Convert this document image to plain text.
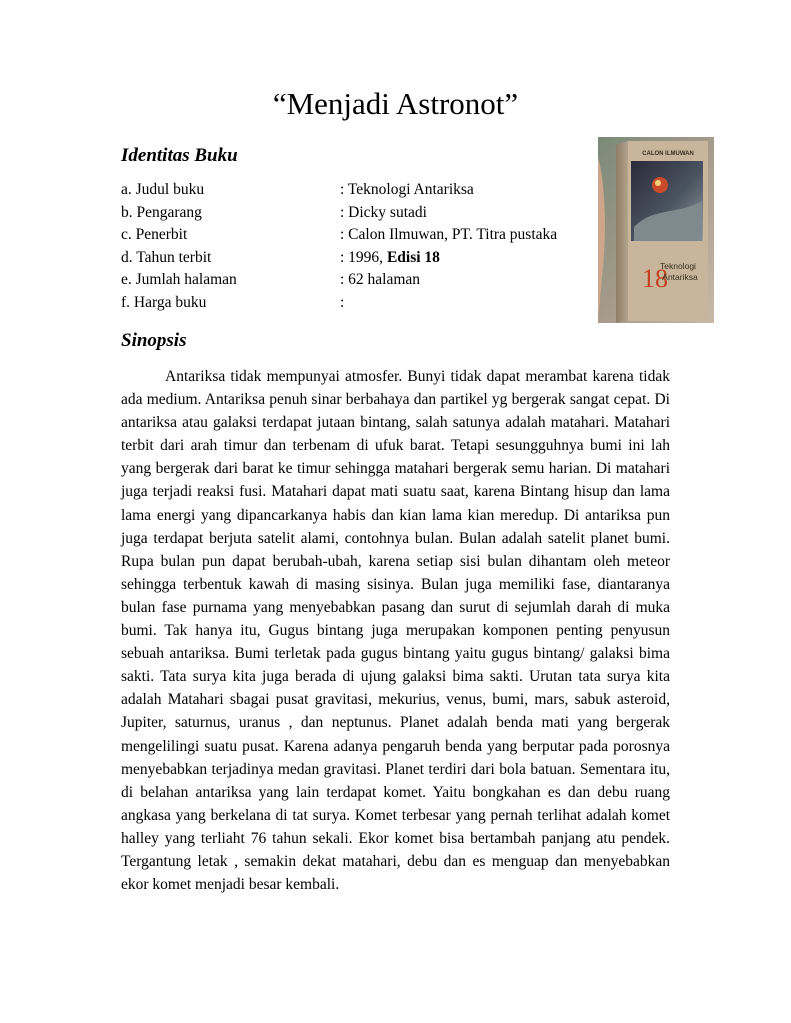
“Menjadi Astronot”
Identitas Buku
a. Judul buku	: Teknologi Antariksa
b. Pengarang	: Dicky sutadi
c. Penerbit	: Calon Ilmuwan, PT. Titra pustaka
d. Tahun terbit	: 1996, Edisi 18
e. Jumlah halaman	: 62 halaman
f. Harga buku	:
CALON ILMUWAN
18
Teknologi
Antariksa
Sinopsis

Antariksa tidak mempunyai atmosfer. Bunyi tidak dapat merambat karena tidak ada medium. Antariksa penuh sinar berbahaya dan partikel yg bergerak sangat cepat. Di antariksa atau galaksi terdapat jutaan bintang, salah satunya adalah matahari. Matahari terbit dari arah timur dan terbenam di ufuk barat. Tetapi sesungguhnya bumi ini lah yang bergerak dari barat ke timur sehingga matahari bergerak semu harian. Di matahari juga terjadi reaksi fusi. Matahari dapat mati suatu saat, karena Bintang hisup dan lama lama energi yang dipancarkanya habis dan kian lama kian meredup. Di antariksa pun juga terdapat berjuta satelit alami, contohnya bulan. Bulan adalah satelit planet bumi. Rupa bulan pun dapat berubah-ubah, karena setiap sisi bulan dihantam oleh meteor sehingga terbentuk kawah di masing sisinya. Bulan juga memiliki fase, diantaranya bulan fase purnama yang menyebabkan pasang dan surut di sejumlah darah di muka bumi. Tak hanya itu, Gugus bintang juga merupakan komponen penting penyusun sebuah antariksa. Bumi terletak pada gugus bintang yaitu gugus bintang/ galaksi bima sakti. Tata surya kita juga berada di ujung galaksi bima sakti. Urutan tata surya kita adalah Matahari sbagai pusat gravitasi, mekurius, venus, bumi, mars, sabuk asteroid, Jupiter, saturnus, uranus , dan neptunus. Planet adalah benda mati yang bergerak mengelilingi suatu pusat. Karena adanya pengaruh benda yang berputar pada porosnya menyebabkan terjadinya medan gravitasi. Planet terdiri dari bola batuan. Sementara itu, di belahan antariksa yang lain terdapat komet. Yaitu bongkahan es dan debu ruang angkasa yang berkelana di tat surya. Komet terbesar yang pernah terlihat adalah komet halley yang terliaht 76 tahun sekali. Ekor komet bisa bertambah panjang atu pendek. Tergantung letak , semakin dekat matahari, debu dan es menguap dan menyebabkan ekor komet menjadi besar kembali.
